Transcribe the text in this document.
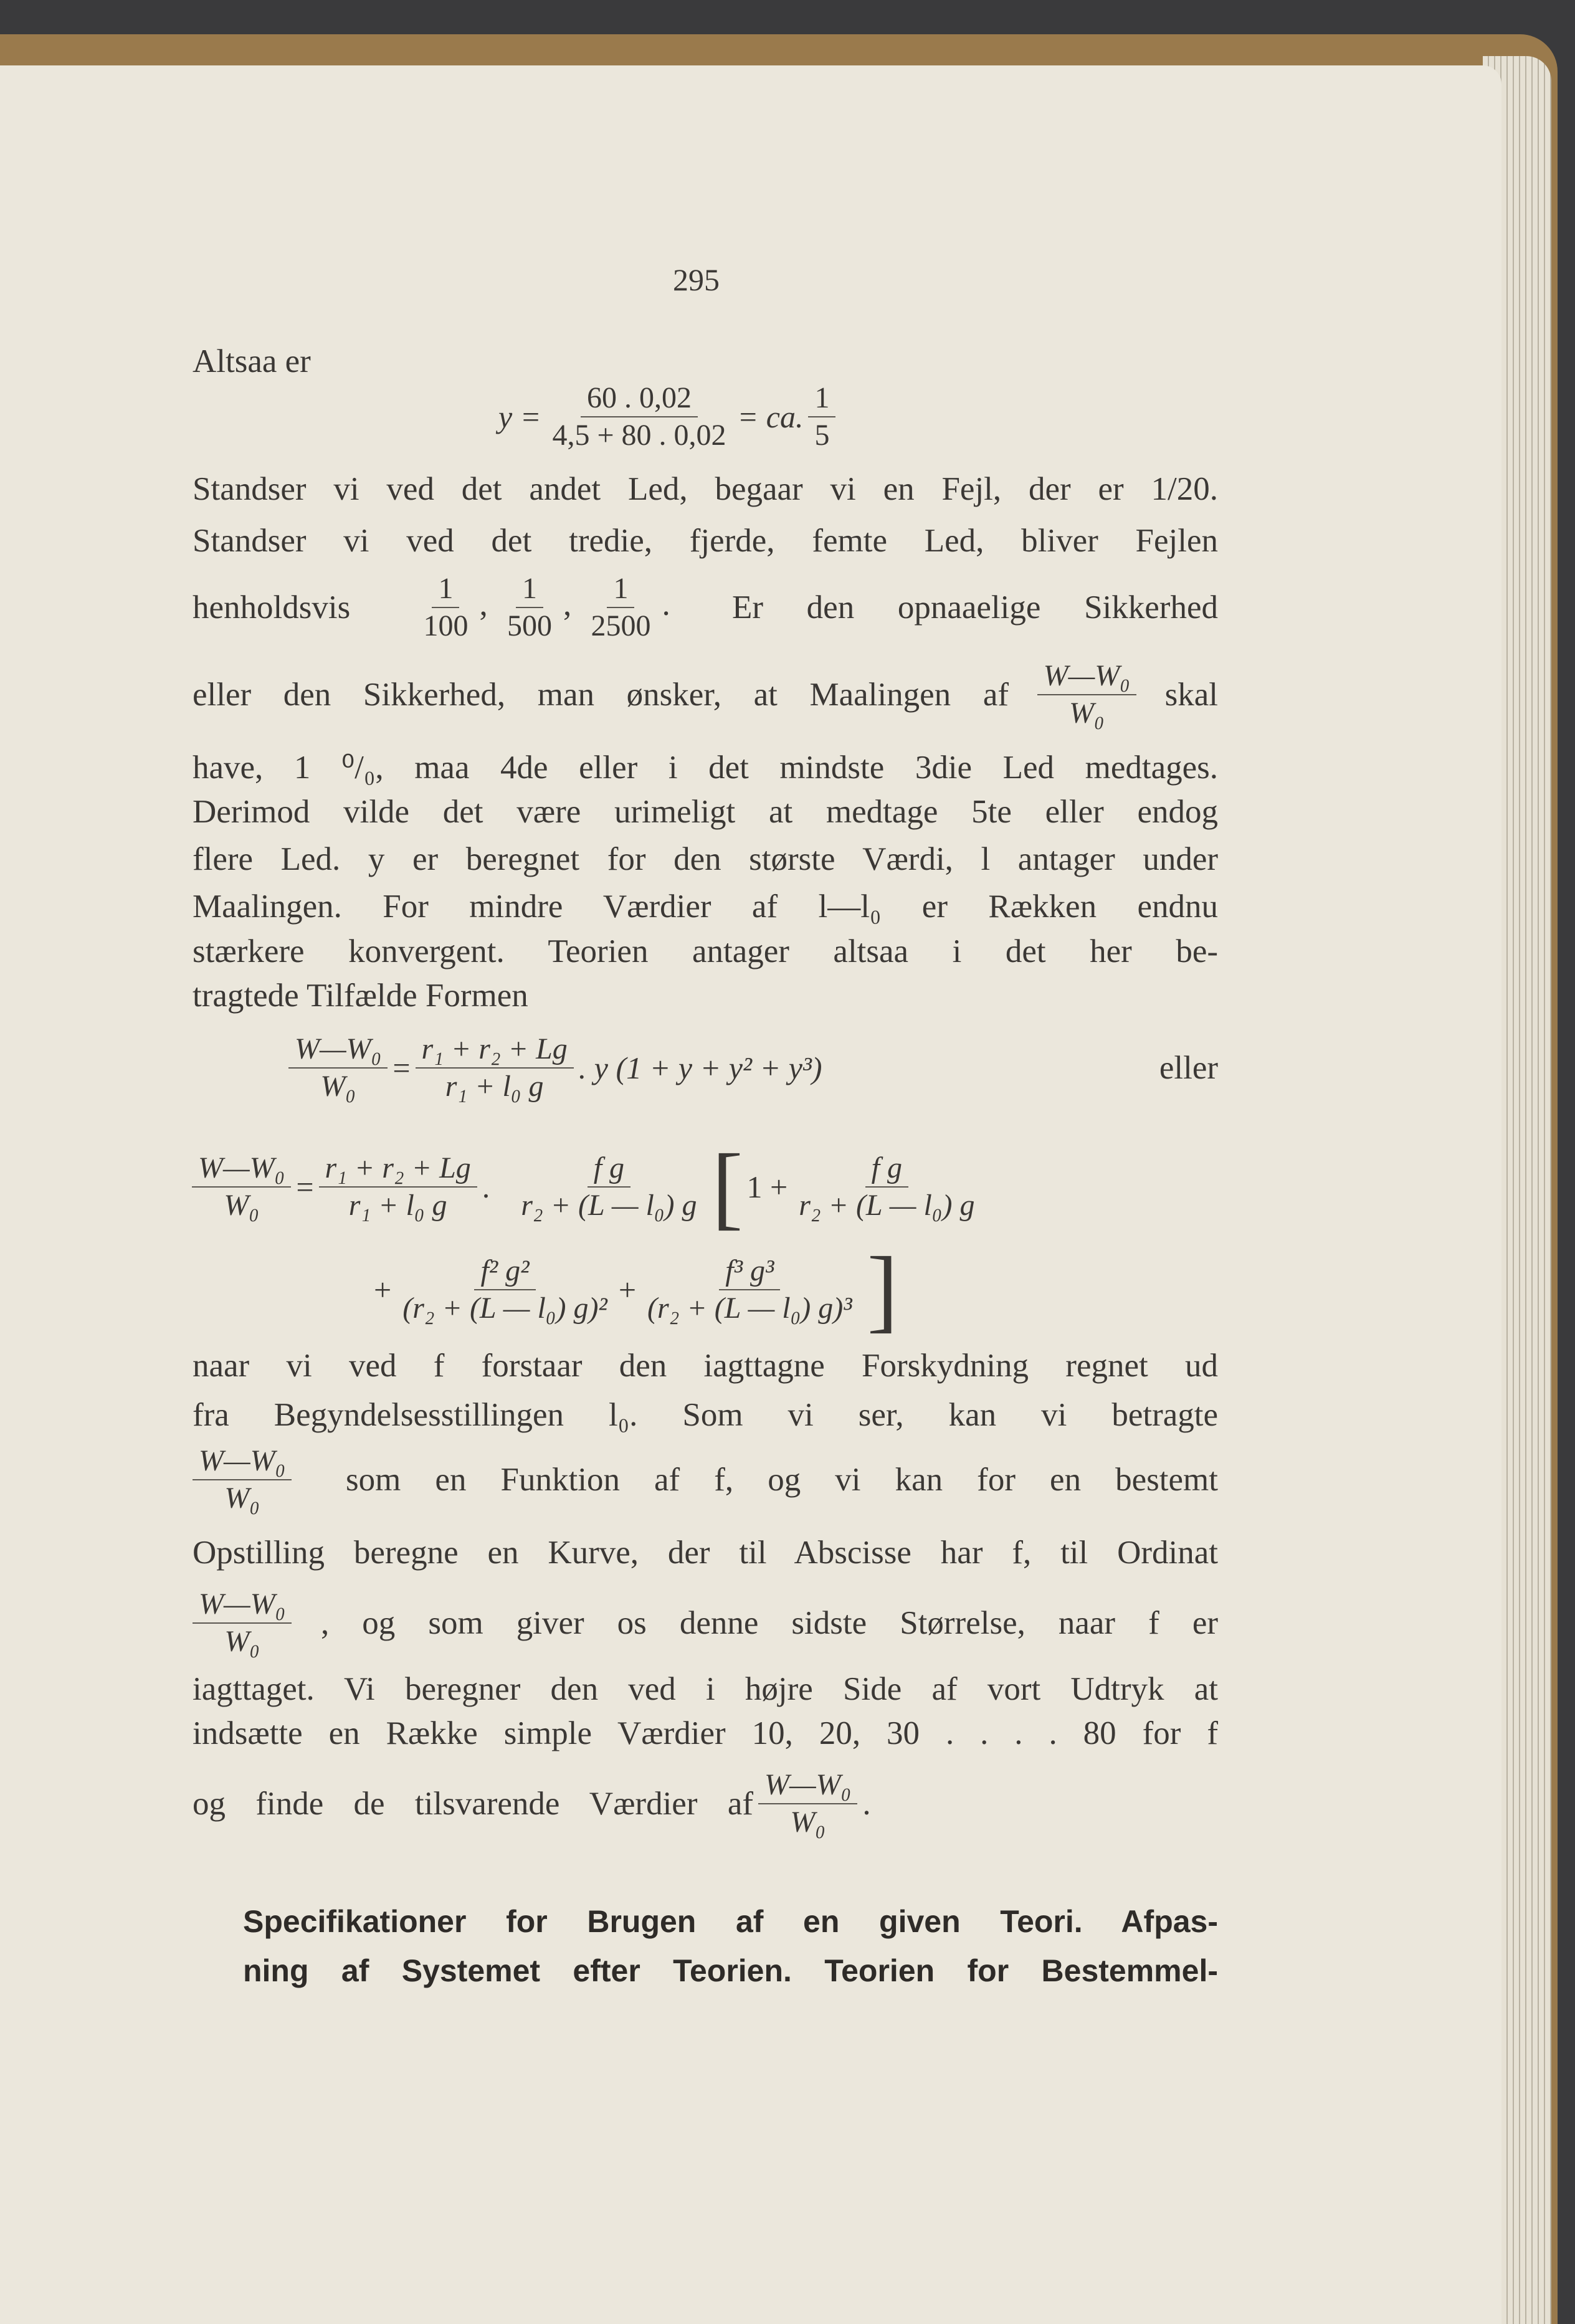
295
Altsaa er
$y = \frac{60 . 0,02}{4,5 + 80 . 0,02}$ = ca. $\frac{1}{5}$
Standser vi ved det andet Led, begaar vi en Fejl, der er 1/20.
Standser vi ved det tredie, fjerde, femte Led, bliver Fejlen
henholdsvis $\frac{1}{100}$ , $\frac{1}{500}$ , $\frac{1}{2500}$ . Er den opnaaelige Sikkerhed
eller den Sikkerhed, man ønsker, at Maalingen af $\frac{\text{W—W₀}}{\text{W₀}}$ skal
have, 1 ⁰/₀, maa 4de eller i det mindste 3die Led medtages.
Derimod vilde det være urimeligt at medtage 5te eller endog
flere Led. y er beregnet for den største Værdi, l antager under
Maalingen. For mindre Værdier af l—l₀ er Rækken endnu
stærkere konvergent. Teorien antager altsaa i det her be-
tragtede Tilfælde Formen
$\frac{\text{W—W₀}}{\text{W₀}} = \frac{\text{r₁ + r₂ + Lg}}{\text{r₁ + l₀ g}}$ . y (1 + y + y² + y³)	eller
$\frac{\text{W—W₀}}{\text{W₀}} = \frac{\text{r₁ + r₂ + Lg}}{\text{r₁ + l₀ g}}$ . $\frac{\text{f g}}{\text{r₂ + (L — l₀) g}}$ [ $1 + \frac{\text{f g}}{\text{r₂ + (L — l₀) g}}$
+ $\frac{\text{f² g²}}{\text{(r₂ + (L — l₀) g)²}} + \frac{\text{f³ g³}}{\text{(r₂ + (L — l₀) g)³}}$ ]
naar vi ved f forstaar den iagttagne Forskydning regnet ud
fra Begyndelsesstillingen l₀. Som vi ser, kan vi betragte
$\frac{\text{W—W₀}}{\text{W₀}}$ som en Funktion af f, og vi kan for en bestemt
Opstilling beregne en Kurve, der til Abscisse har f, til Ordinat
$\frac{\text{W—W₀}}{\text{W₀}}$ , og som giver os denne sidste Størrelse, naar f er
iagttaget. Vi beregner den ved i højre Side af vort Udtryk at
indsætte en Række simple Værdier 10, 20, 30 . . . . 80 for f
og finde de tilsvarende Værdier af $\frac{\text{W—W₀}}{\text{W₀}}$ .
Specifikationer for Brugen af en given Teori. Afpas-
ning af Systemet efter Teorien. Teorien for Bestemmel-
